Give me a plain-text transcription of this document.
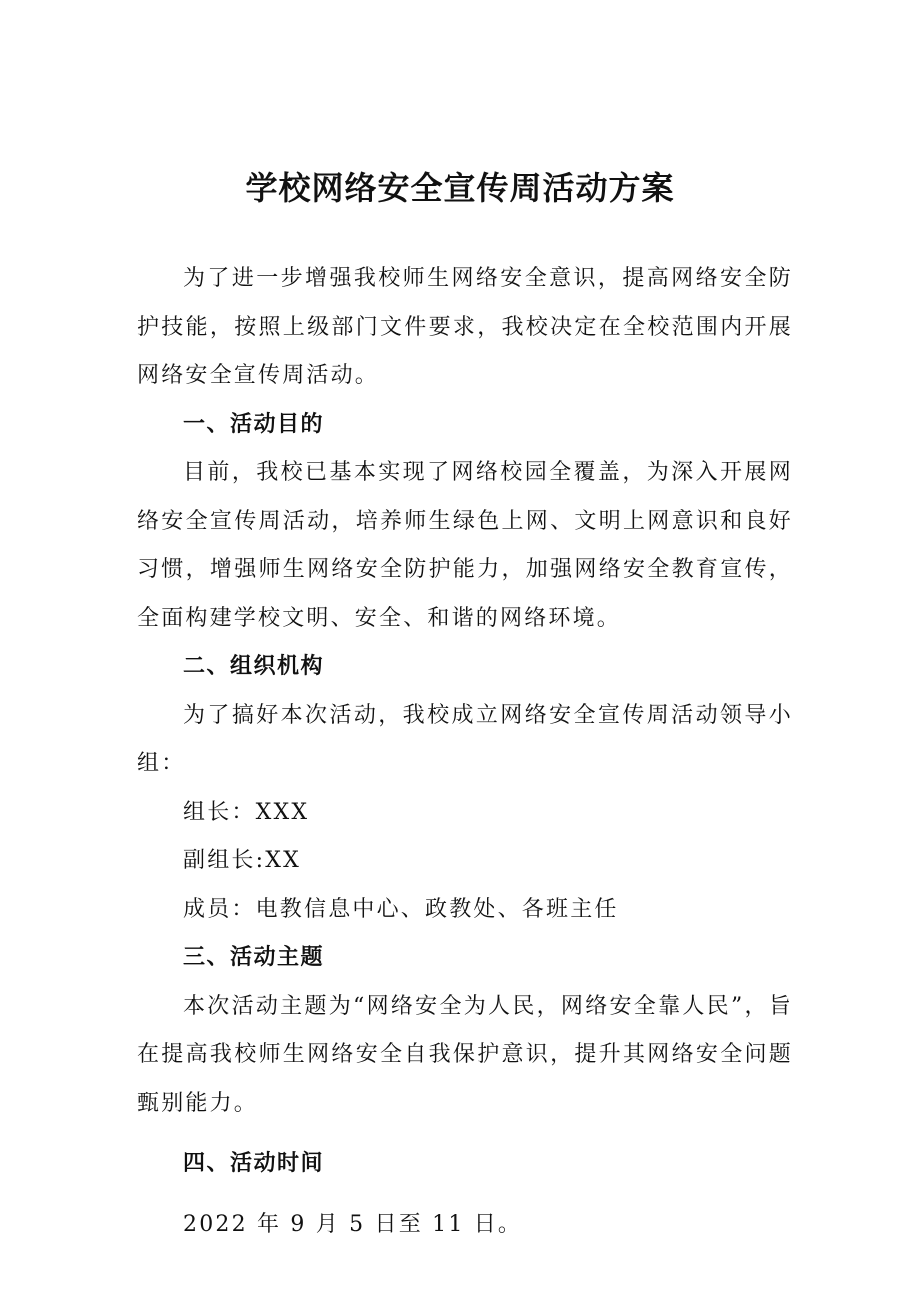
学校网络安全宣传周活动方案

为了进一步增强我校师生网络安全意识，提高网络安全防护技能，按照上级部门文件要求，我校决定在全校范围内开展网络安全宣传周活动。

一、活动目的

目前，我校已基本实现了网络校园全覆盖，为深入开展网络安全宣传周活动，培养师生绿色上网、文明上网意识和良好习惯，增强师生网络安全防护能力，加强网络安全教育宣传，全面构建学校文明、安全、和谐的网络环境。

二、组织机构

为了搞好本次活动，我校成立网络安全宣传周活动领导小组：

组长：XXX

副组长:XX

成员：电教信息中心、政教处、各班主任

三、活动主题

本次活动主题为“网络安全为人民，网络安全靠人民”，旨在提高我校师生网络安全自我保护意识，提升其网络安全问题甄别能力。

四、活动时间

2022 年 9 月 5 日至 11 日。
